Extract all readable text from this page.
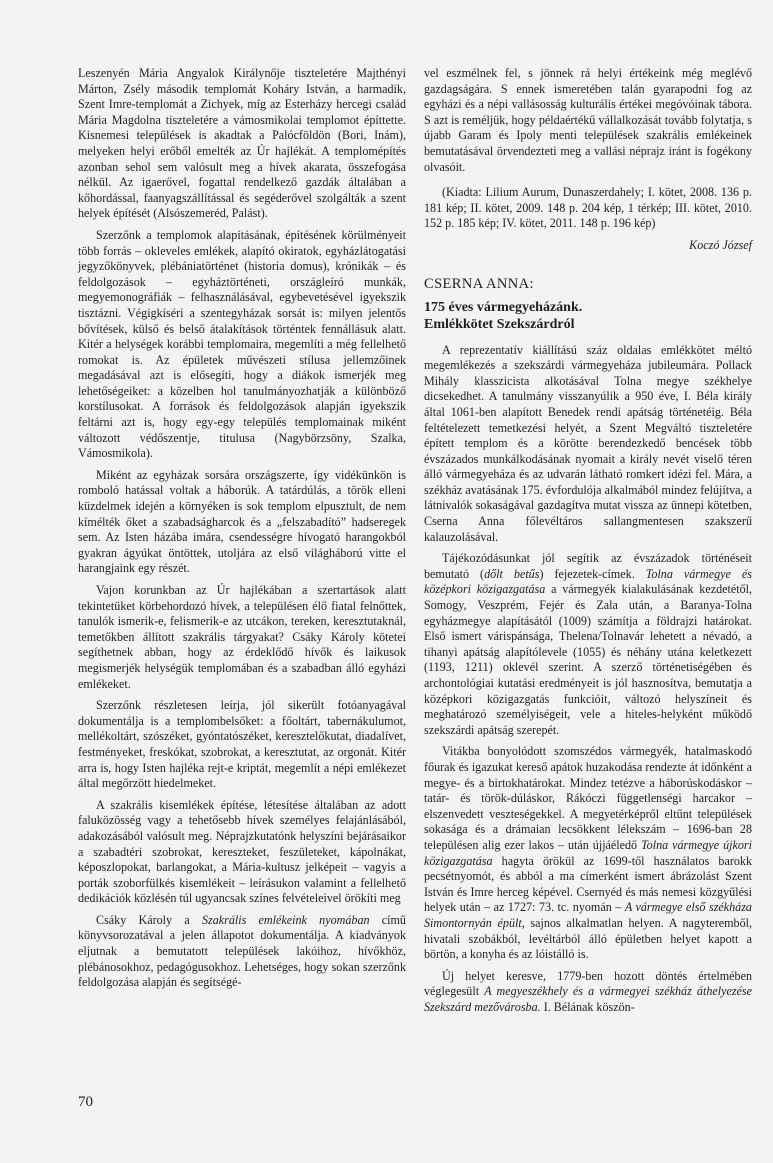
Leszenyén Mária Angyalok Királynője tiszteletére Majthényi Márton, Zsély második templomát Koháry István, a harmadik, Szent Imre-templomát a Zichyek, míg az Esterházy hercegi család Mária Magdolna tiszteletére a vámosmikolai templomot építtette. Kisnemesi települések is akadtak a Palócföldön (Bori, Inám), melyeken helyi erőből emelték az Úr hajlékát. A templomépítés azonban sehol sem valósult meg a hívek akarata, összefogása nélkül. Az igaerővel, fogattal rendelkező gazdák általában a kőhordással, faanyagszállítással és segéderővel szolgálták a szent helyek építését (Alsószemeréd, Palást).

Szerzőnk a templomok alapításának, építésének körülményeit több forrás – okleveles emlékek, alapító okiratok, egyházlátogatási jegyzőkönyvek, plébániatörténet (historia domus), krónikák – és feldolgozások – egyháztörténeti, országleíró munkák, megyemonográfiák – felhasználásával, egybevetésével igyekszik tisztázni. Végigkíséri a szentegyházak sorsát is: milyen jelentős bővítések, külső és belső átalakítások történtek fennállásuk alatt. Kitér a helységek korábbi templomaira, megemlíti a még fellelhető romokat is. Az épületek művészeti stílusa jellemzőinek megadásával azt is elősegíti, hogy a diákok ismerjék meg lehetőségeiket: a közelben hol tanulmányozhatják a különböző korstílusokat. A források és feldolgozások alapján igyekszik feltárni azt is, hogy egy-egy település templomainak miként változott védőszentje, titulusa (Nagybörzsöny, Szalka, Vámosmikola).

Miként az egyházak sorsára országszerte, így vidékünkön is romboló hatással voltak a háborúk. A tatárdúlás, a török elleni küzdelmek idején a környéken is sok templom elpusztult, de nem kímélték őket a szabadságharcok és a „felszabadító” hadseregek sem. Az Isten házába imára, csendességre hívogató harangokból gyakran ágyúkat öntöttek, utoljára az első világháború vitte el harangjaink egy részét.

Vajon korunkban az Úr hajlékában a szertartások alatt tekintetüket körbehordozó hívek, a településen élő fiatal felnőttek, tanulók ismerik-e, felismerik-e az utcákon, tereken, keresztutaknál, temetőkben állított szakrális tárgyakat? Csáky Károly kötetei segíthetnek abban, hogy az érdeklődő hívők és laikusok megismerjék helységük templomában és a szabadban álló egyházi emlékeket.

Szerzőnk részletesen leírja, jól sikerült fotóanyagával dokumentálja is a templombelsőket: a főoltárt, tabernákulumot, mellékoltárt, szószéket, gyóntatószéket, keresztelőkutat, diadalívet, festményeket, freskókat, szobrokat, a keresztutat, az orgonát. Kitér arra is, hogy Isten hajléka rejt-e kriptát, megemlít a népi emlékezet által megőrzött hiedelmeket.

A szakrális kisemlékek építése, létesítése általában az adott faluközösség vagy a tehetősebb hívek személyes felajánlásából, adakozásából valósult meg. Néprajzkutatónk helyszíni bejárásaikor a szabadtéri szobrokat, kereszteket, feszületeket, kápolnákat, képoszlopokat, barlangokat, a Mária-kultusz jelképeit – vagyis a porták szoborfülkés kisemlékeit – leírásukon valamint a fellelhető dedikációk közlésén túl ugyancsak színes felvételeivel örökíti meg

Csáky Károly a Szakrális emlékeink nyomában című könyvsorozatával a jelen állapotot dokumentálja. A kiadványok eljutnak a bemutatott települések lakóihoz, hívőkhöz, plébánosokhoz, pedagógusokhoz. Lehetséges, hogy sokan szerzőnk feldolgozása alapján és segítségé-

vel eszmélnek fel, s jönnek rá helyi értékeink még meglévő gazdagságára. S ennek ismeretében talán gyarapodni fog az egyházi és a népi vallásosság kulturális értékei megóvóinak tábora. S azt is reméljük, hogy példaértékű vállalkozását tovább folytatja, s újabb Garam és Ipoly menti települések szakrális emlékeinek bemutatásával örvendezteti meg a vallási néprajz iránt is fogékony olvasóit.

(Kiadta: Lilium Aurum, Dunaszerdahely; I. kötet, 2008. 136 p. 181 kép; II. kötet, 2009. 148 p. 204 kép, 1 térkép; III. kötet, 2010. 152 p. 185 kép; IV. kötet, 2011. 148 p. 196 kép)

Koczó József

CSERNA ANNA:
175 éves vármegyeházánk.
Emlékkötet Szekszárdról

A reprezentatív kiállítású száz oldalas emlékkötet méltó megemlékezés a szekszárdi vármegyeháza jubileumára. Pollack Mihály klasszicista alkotásával Tolna megye székhelye dicsekedhet. A tanulmány visszanyúlik a 950 éve, I. Béla király által 1061-ben alapított Benedek rendi apátság történetéig. Béla feltételezett temetkezési helyét, a Szent Megváltó tiszteletére épített templom és a körötte berendezkedő bencések több évszázados munkálkodásának nyomait a király nevét viselő téren álló vármegyeháza és az udvarán látható romkert idézi fel. Mára, a székház avatásának 175. évfordulója alkalmából mindez felújítva, a látnivalók sokaságával gazdagítva mutat vissza az ünnepi kötetben, Cserna Anna főlevéltáros sallangmentesen szakszerű kalauzolásával.

Tájékozódásunkat jól segítik az évszázadok történéseit bemutató (dőlt betűs) fejezetek-címek. Tolna vármegye és középkori közigazgatása a vármegyék kialakulásának kezdetétől, Somogy, Veszprém, Fejér és Zala után, a Baranya-Tolna egyházmegye alapításától (1009) számítja a földrajzi határokat. Első ismert várispánsága, Thelena/Tolnavár lehetett a névadó, a tihanyi apátság alapítólevele (1055) és néhány utána keletkezett (1193, 1211) oklevél szerint. A szerző történetiségében és archontológiai kutatási eredményeit is jól hasznosítva, bemutatja a középkori közigazgatás funkcióit, változó helyszíneit és meghatározó személyiségeit, vele a hiteles-helyként működő szekszárdi apátság szerepét.

Vitákba bonyolódott szomszédos vármegyék, hatalmaskodó főurak és igazukat kereső apátok huzakodása rendezte át időnként a megye- és a birtokhatárokat. Mindez tetézve a háborúskodáskor – tatár- és török-dúláskor, Rákóczi függetlenségi harcakor – elszenvedett veszteségekkel. A megyetérképről eltűnt települések sokasága és a drámaian lecsökkent lélekszám – 1696-ban 28 településen alig ezer lakos – után újjáéledő Tolna vármegye újkori közigazgatása hagyta örökül az 1699-től használatos barokk pecsétnyomót, és abból a ma címerként ismert ábrázolást Szent István és Imre herceg képével. Csernyéd és más nemesi közgyűlési helyek után – az 1727: 73. tc. nyomán – A vármegye első székháza Simontornyán épült, sajnos alkalmatlan helyen. A nagyteremből, hivatali szobákból, levéltárból álló épületben helyet kapott a börtön, a konyha és az lóistálló is.

Új helyet keresve, 1779-ben hozott döntés értelmében véglegesült A megyeszékhely és a vármegyei székház áthelyezése Szekszárd mezővárosba. I. Bélának köszön-

70
